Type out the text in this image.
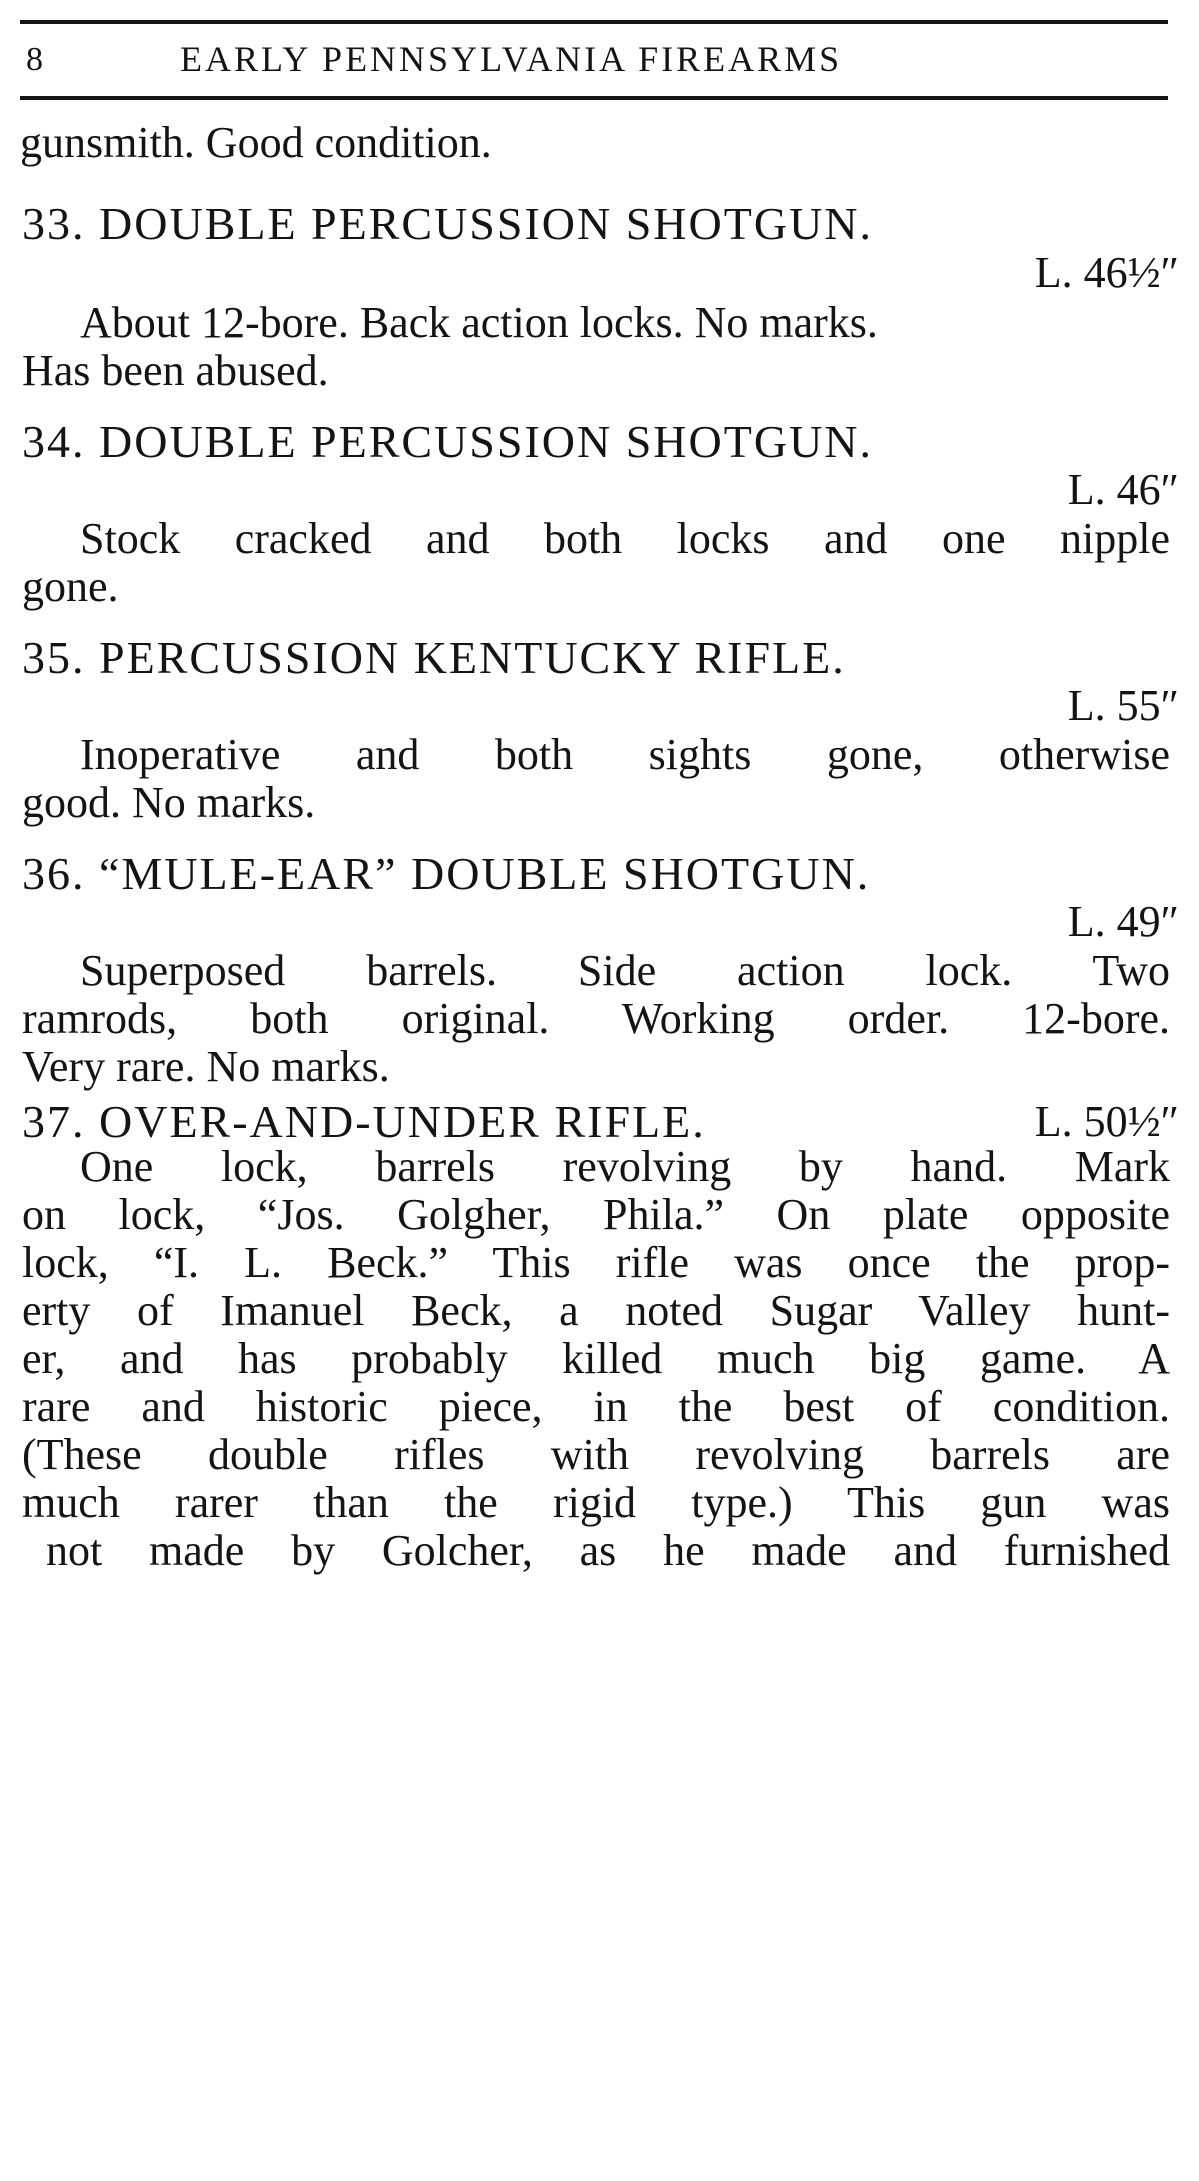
8	EARLY PENNSYLVANIA FIREARMS
gunsmith. Good condition.
33. DOUBLE PERCUSSION SHOTGUN.
L. 46½″
About 12-bore. Back action locks. No marks.
Has been abused.
34. DOUBLE PERCUSSION SHOTGUN.
L. 46″
Stock cracked and both locks and one nipple
gone.
35. PERCUSSION KENTUCKY RIFLE.
L. 55″
Inoperative and both sights gone, otherwise
good. No marks.
36. “MULE-EAR” DOUBLE SHOTGUN.
L. 49″
Superposed barrels. Side action lock. Two
ramrods, both original. Working order. 12-bore.
Very rare. No marks.
37. OVER-AND-UNDER RIFLE.	L. 50½″
One lock, barrels revolving by hand. Mark
on lock, “Jos. Golgher, Phila.” On plate opposite
lock, “I. L. Beck.” This rifle was once the prop-
erty of Imanuel Beck, a noted Sugar Valley hunt-
er, and has probably killed much big game. A
rare and historic piece, in the best of condition.
(These double rifles with revolving barrels are
much rarer than the rigid type.) This gun was
not made by Golcher, as he made and furnished
